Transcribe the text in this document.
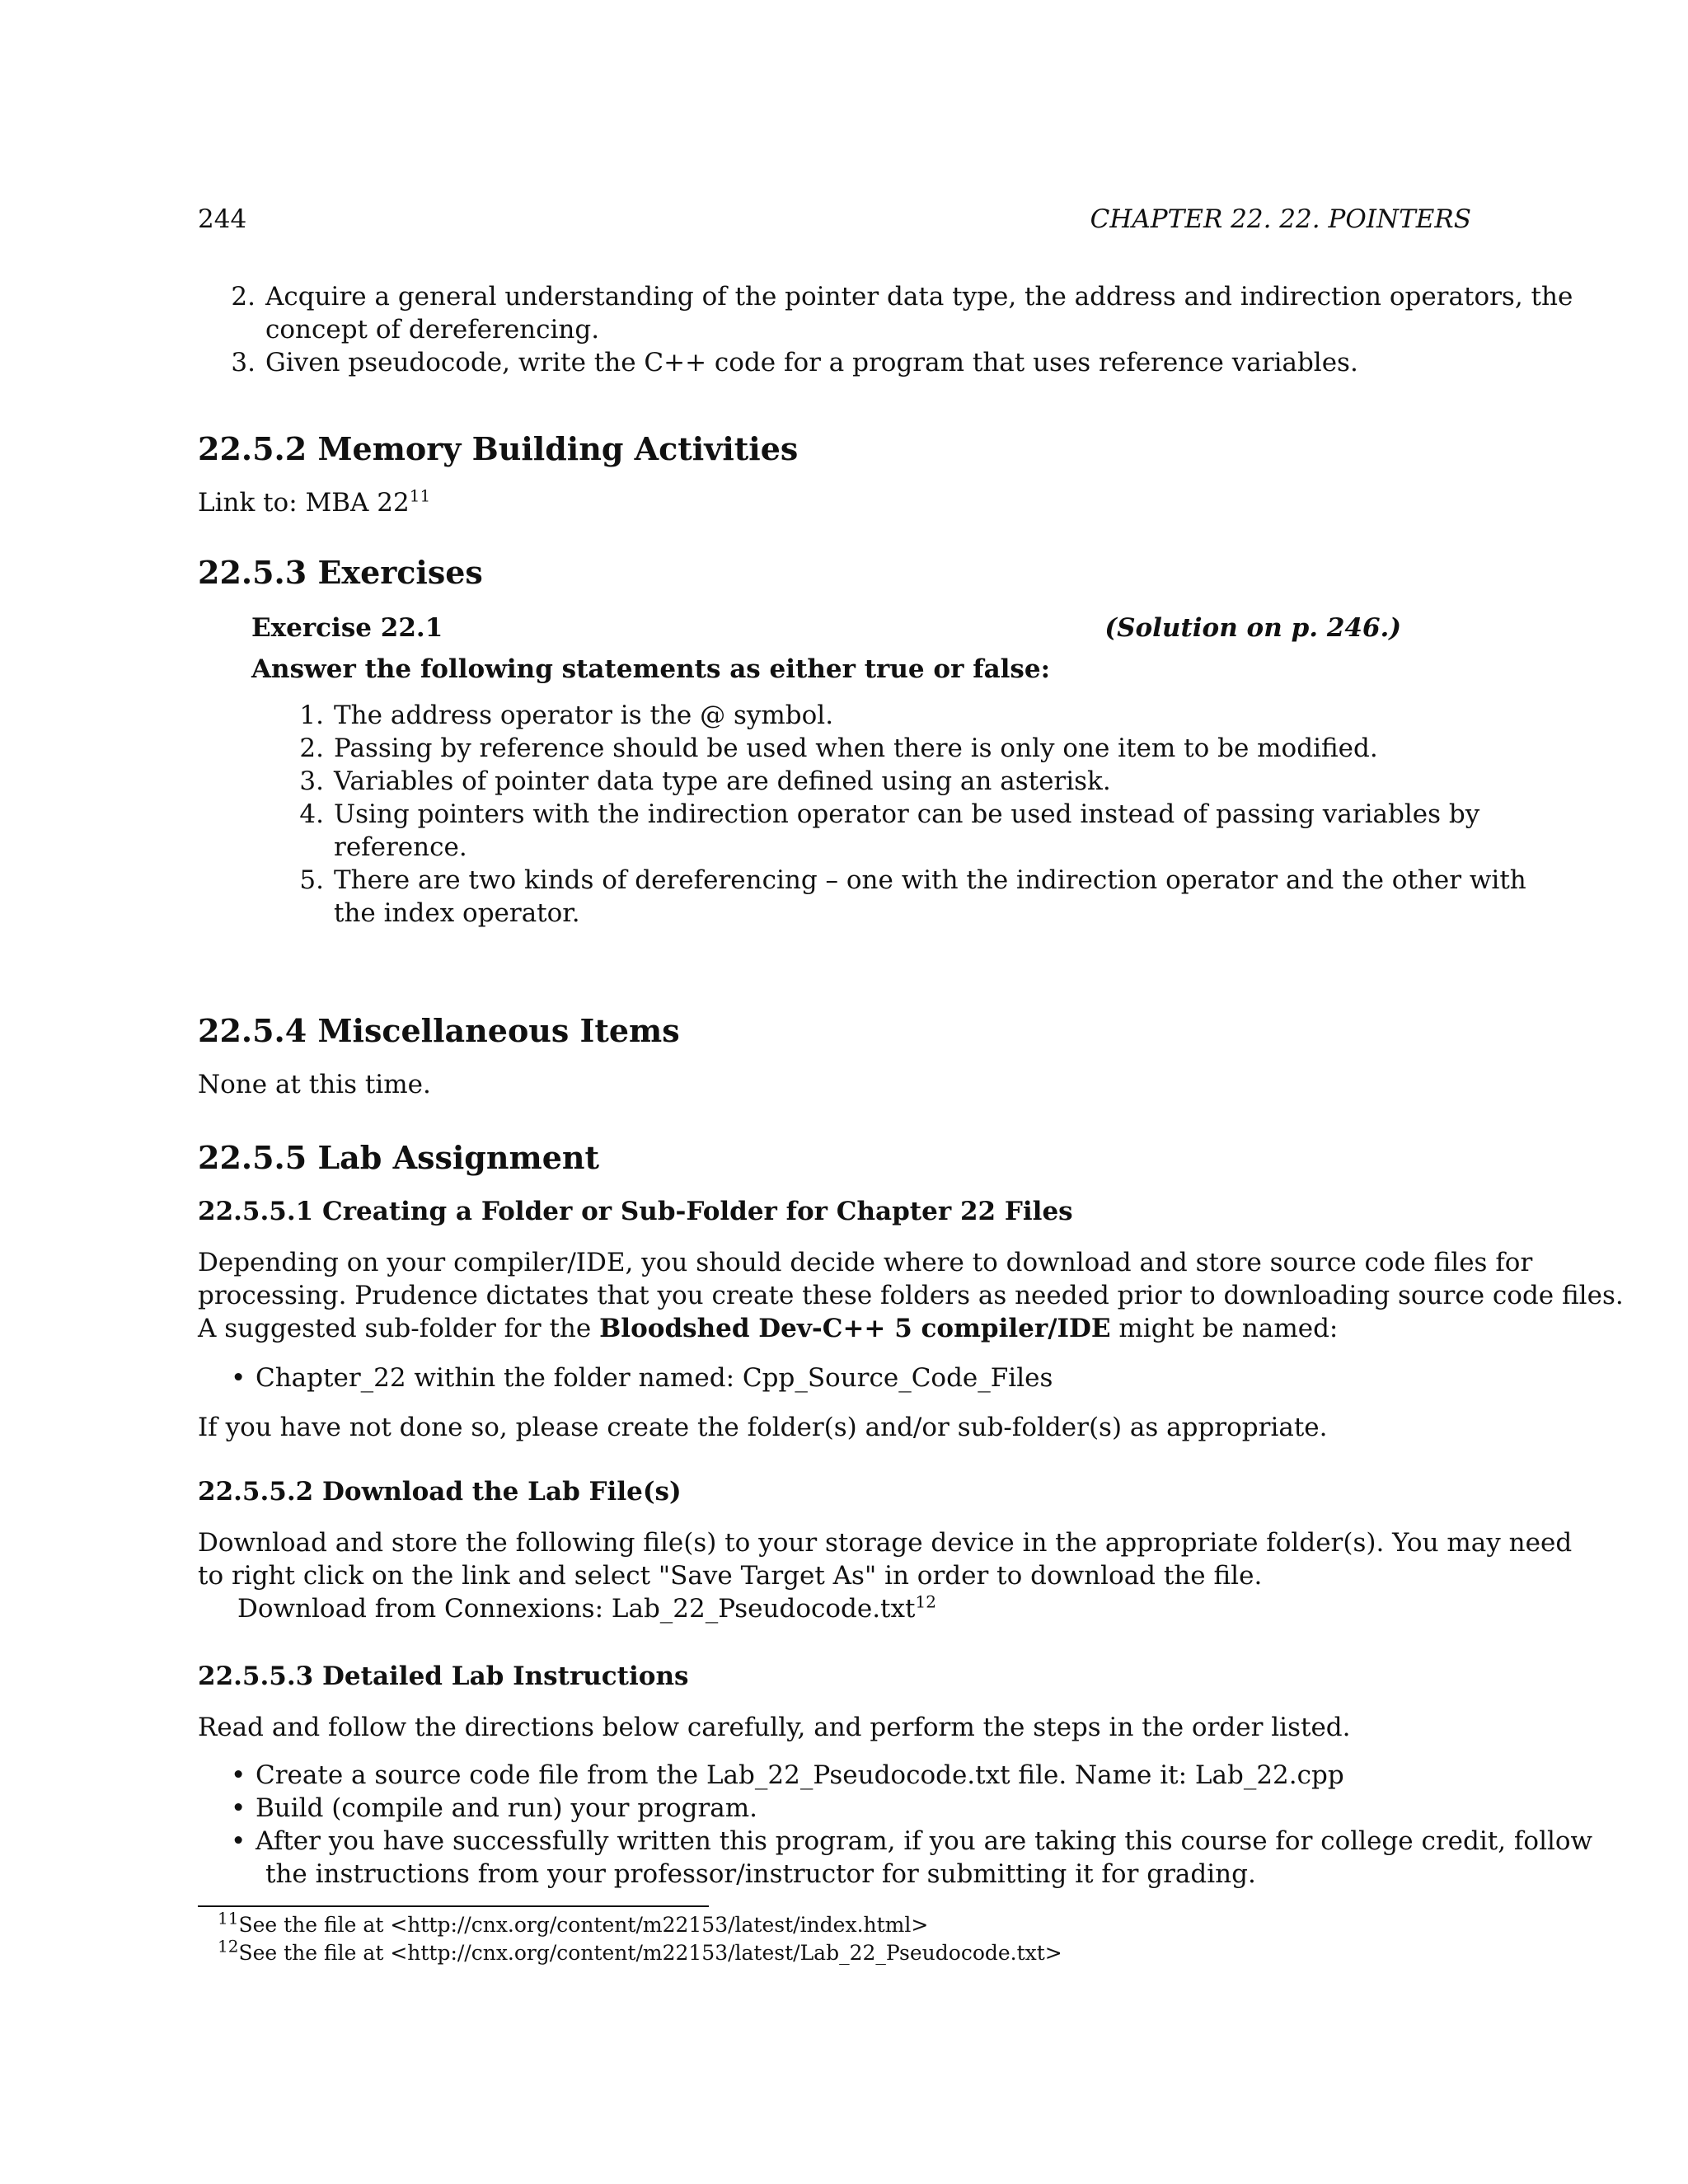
244	CHAPTER 22. 22. POINTERS
2. Acquire a general understanding of the pointer data type, the address and indirection operators, the
concept of dereferencing.
3. Given pseudocode, write the C++ code for a program that uses reference variables.
22.5.2 Memory Building Activities
Link to: MBA $22^{11}$
22.5.3 Exercises
Exercise 22.1	(Solution on p. 246.)
Answer the following statements as either true or false:
1. The address operator is the @ symbol.
2. Passing by reference should be used when there is only one item to be modified.
3. Variables of pointer data type are defined using an asterisk.
4. Using pointers with the indirection operator can be used instead of passing variables by
reference.
5. There are two kinds of dereferencing – one with the indirection operator and the other with
the index operator.
22.5.4 Miscellaneous Items
None at this time.
22.5.5 Lab Assignment
22.5.5.1 Creating a Folder or Sub-Folder for Chapter 22 Files
Depending on your compiler/IDE, you should decide where to download and store source code files for
processing. Prudence dictates that you create these folders as needed prior to downloading source code files.
A suggested sub-folder for the Bloodshed Dev-C++ 5 compiler/IDE might be named:
• Chapter_22 within the folder named: Cpp_Source_Code_Files
If you have not done so, please create the folder(s) and/or sub-folder(s) as appropriate.
22.5.5.2 Download the Lab File(s)
Download and store the following file(s) to your storage device in the appropriate folder(s). You may need
to right click on the link and select "Save Target As" in order to download the file.
Download from Connexions: Lab_22_Pseudocode.txt$^{12}$
22.5.5.3 Detailed Lab Instructions
Read and follow the directions below carefully, and perform the steps in the order listed.
• Create a source code file from the Lab_22_Pseudocode.txt file. Name it: Lab_22.cpp
• Build (compile and run) your program.
• After you have successfully written this program, if you are taking this course for college credit, follow
the instructions from your professor/instructor for submitting it for grading.
$^{11}$See the file at <http://cnx.org/content/m22153/latest/index.html>
$^{12}$See the file at <http://cnx.org/content/m22153/latest/Lab_22_Pseudocode.txt>
